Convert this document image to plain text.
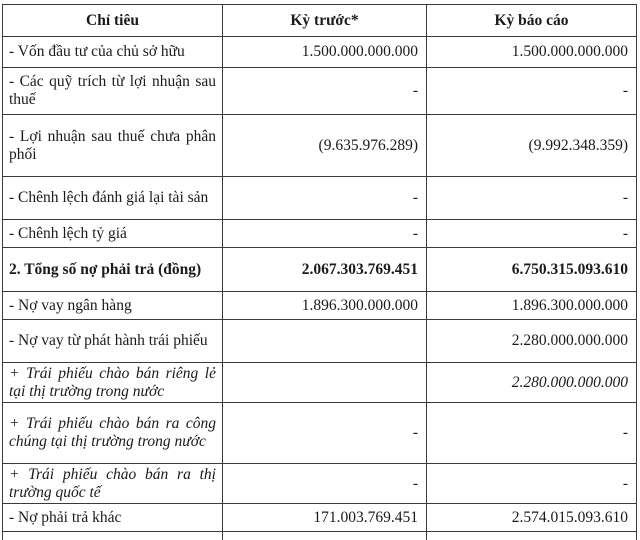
Chỉ tiêu	Kỳ trước*	Kỳ báo cáo
- Vốn đầu tư của chủ sở hữu	1.500.000.000.000	1.500.000.000.000
- Các quỹ trích từ lợi nhuận sau thuế	-	-
- Lợi nhuận sau thuế chưa phân phối	(9.635.976.289)	(9.992.348.359)
- Chênh lệch đánh giá lại tài sản	-	-
- Chênh lệch tỷ giá	-	-
2. Tổng số nợ phải trả (đồng)	2.067.303.769.451	6.750.315.093.610
- Nợ vay ngân hàng	1.896.300.000.000	1.896.300.000.000
- Nợ vay từ phát hành trái phiếu		2.280.000.000.000
+ Trái phiếu chào bán riêng lẻ tại thị trường trong nước		2.280.000.000.000
+ Trái phiếu chào bán ra công chúng tại thị trường trong nước	-	-
+ Trái phiếu chào bán ra thị trường quốc tế	-	-
- Nợ phải trả khác	171.003.769.451	2.574.015.093.610
